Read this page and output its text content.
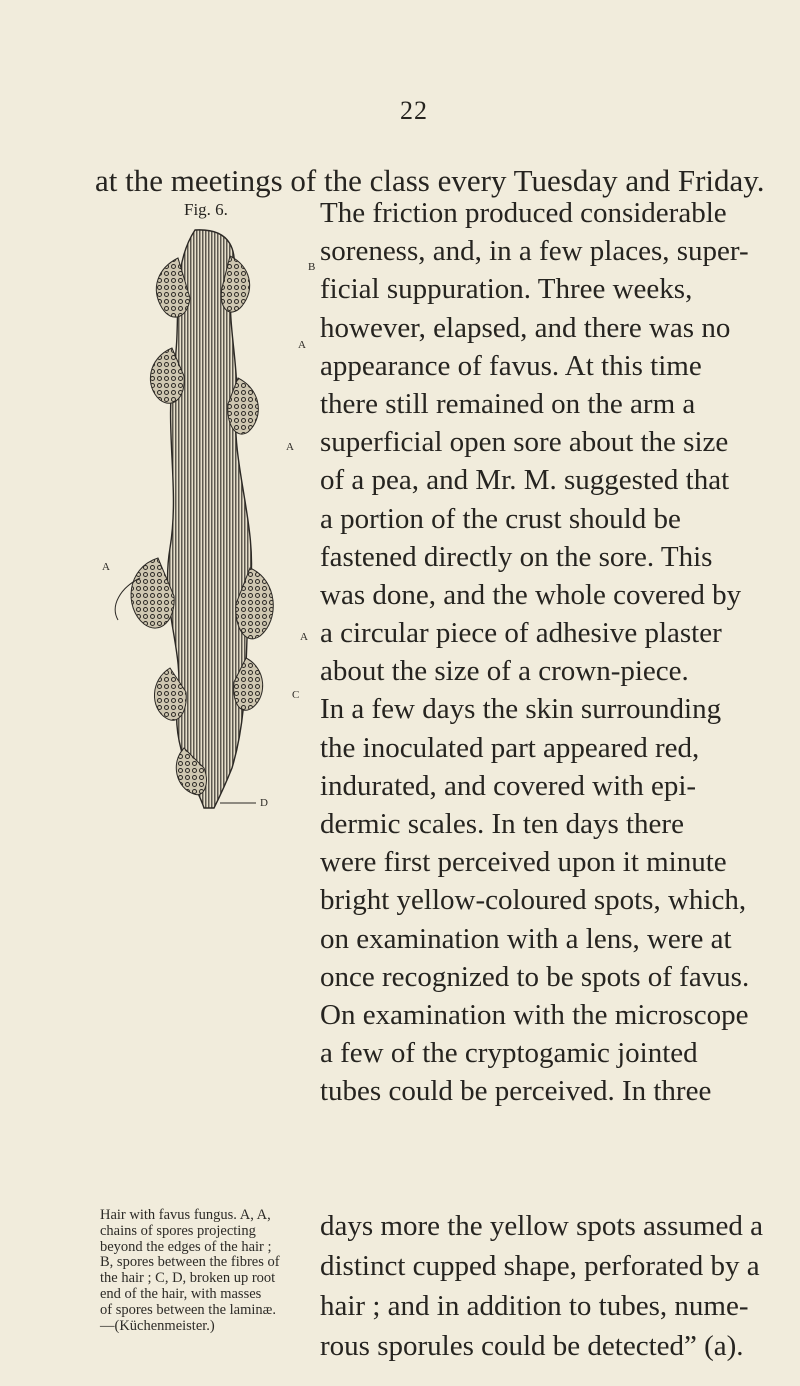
22
at the meetings of the class every Tuesday and Friday.
Fig. 6.
B
A
A
A
A
C
D
The friction produced considerable
soreness, and, in a few places, super-
ficial suppuration. Three weeks,
however, elapsed, and there was no
appearance of favus. At this time
there still remained on the arm a
superficial open sore about the size
of a pea, and Mr. M. suggested that
a portion of the crust should be
fastened directly on the sore. This
was done, and the whole covered by
a circular piece of adhesive plaster
about the size of a crown-piece.
In a few days the skin surrounding
the inoculated part appeared red,
indurated, and covered with epi-
dermic scales. In ten days there
were first perceived upon it minute
bright yellow-coloured spots, which,
on examination with a lens, were at
once recognized to be spots of favus.
On examination with the microscope
a few of the cryptogamic jointed
tubes could be perceived. In three
Hair with favus fungus. A, A,
chains of spores projecting
beyond the edges of the hair ;
B, spores between the fibres of
the hair ; C, D, broken up root
end of the hair, with masses
of spores between the laminæ.
—(Küchenmeister.)
days more the yellow spots assumed a
distinct cupped shape, perforated by a
hair ; and in addition to tubes, nume-
rous sporules could be detected” (a).
